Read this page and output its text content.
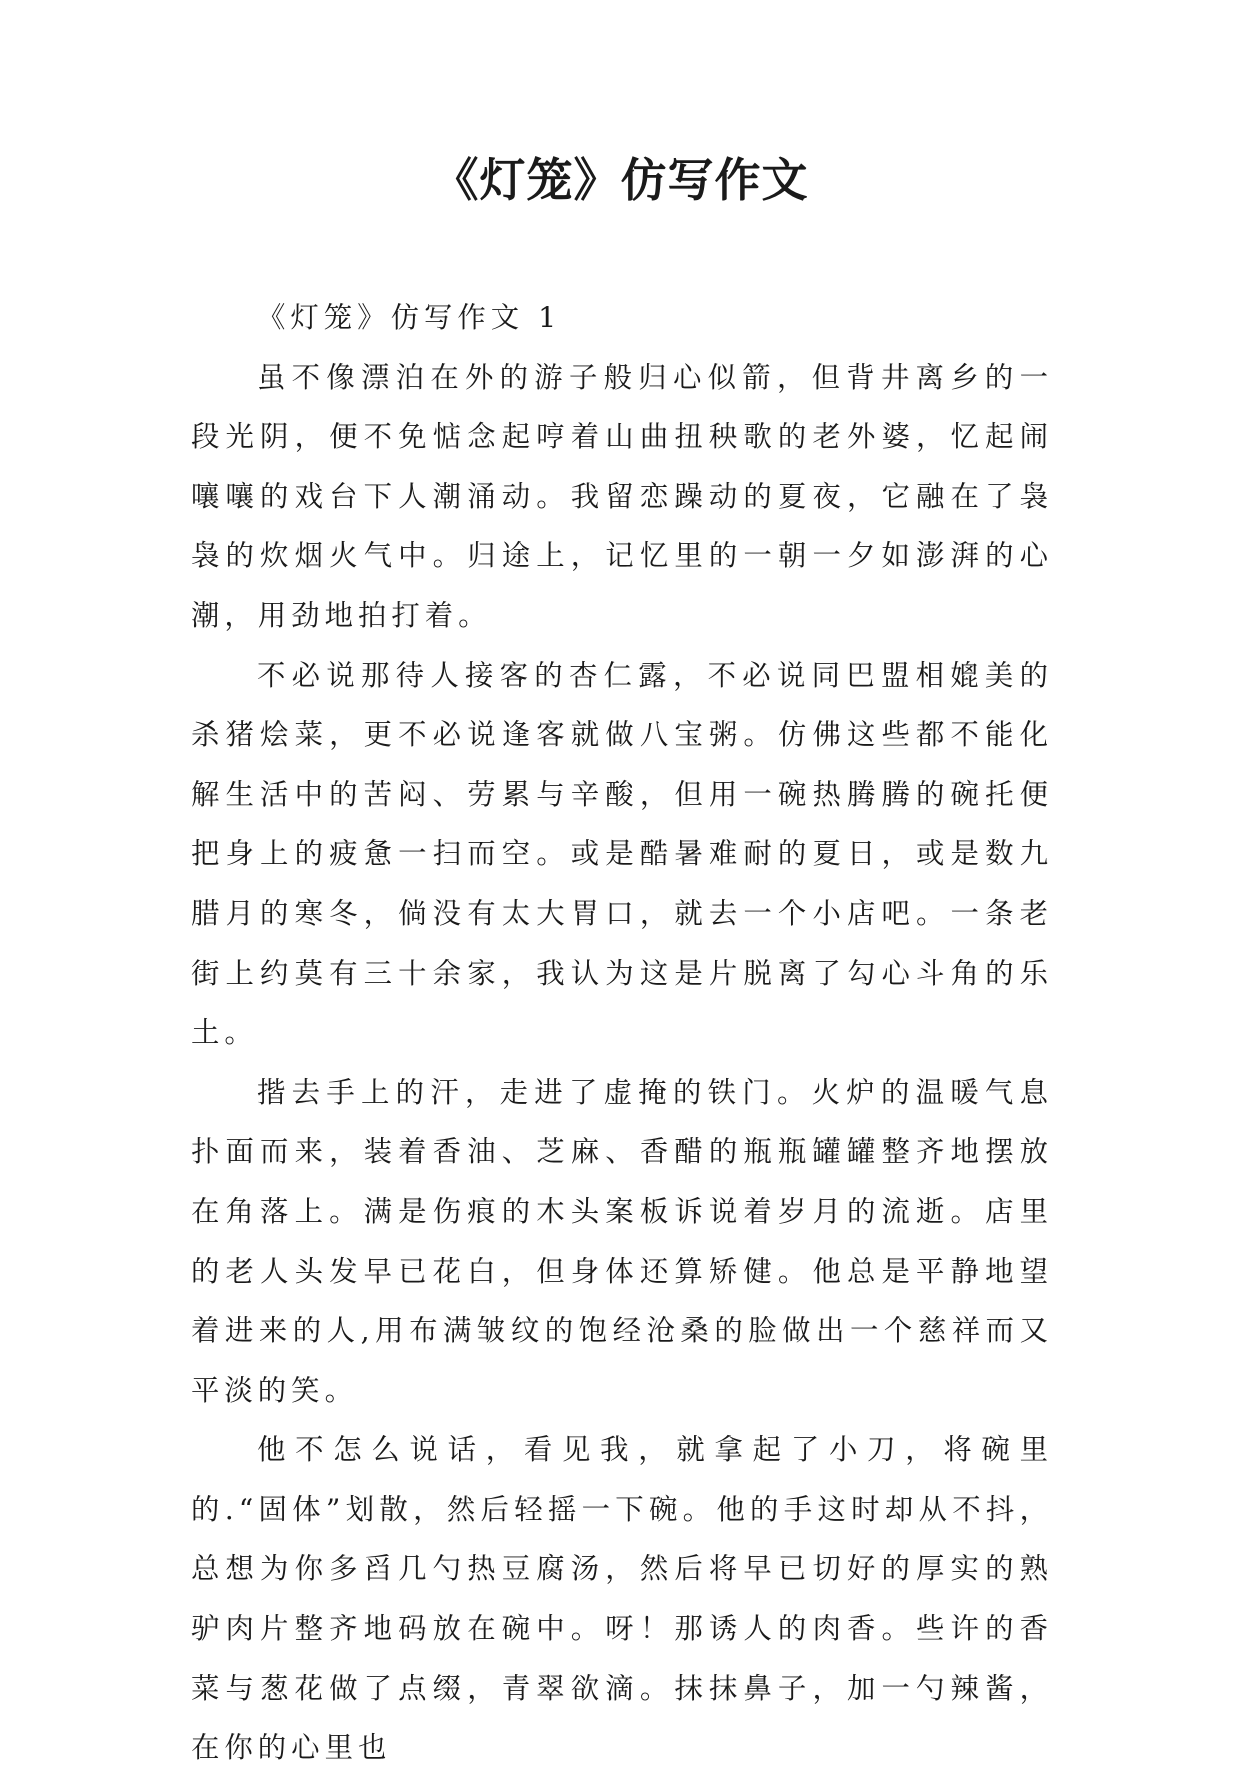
《灯笼》仿写作文

《灯笼》仿写作文 1

虽不像漂泊在外的游子般归心似箭，但背井离乡的一段光阴，便不免惦念起哼着山曲扭秧歌的老外婆，忆起闹嚷嚷的戏台下人潮涌动。我留恋躁动的夏夜，它融在了袅袅的炊烟火气中。归途上，记忆里的一朝一夕如澎湃的心潮，用劲地拍打着。

不必说那待人接客的杏仁露，不必说同巴盟相媲美的杀猪烩菜，更不必说逢客就做八宝粥。仿佛这些都不能化解生活中的苦闷、劳累与辛酸，但用一碗热腾腾的碗托便把身上的疲惫一扫而空。或是酷暑难耐的夏日，或是数九腊月的寒冬，倘没有太大胃口，就去一个小店吧。一条老街上约莫有三十余家，我认为这是片脱离了勾心斗角的乐土。

揩去手上的汗，走进了虚掩的铁门。火炉的温暖气息扑面而来，装着香油、芝麻、香醋的瓶瓶罐罐整齐地摆放在角落上。满是伤痕的木头案板诉说着岁月的流逝。店里的老人头发早已花白，但身体还算矫健。他总是平静地望着进来的人,用布满皱纹的饱经沧桑的脸做出一个慈祥而又平淡的笑。

他不怎么说话，看见我，就拿起了小刀，将碗里的.“固体”划散，然后轻摇一下碗。他的手这时却从不抖，总想为你多舀几勺热豆腐汤，然后将早已切好的厚实的熟驴肉片整齐地码放在碗中。呀！那诱人的肉香。些许的香菜与葱花做了点缀，青翠欲滴。抹抹鼻子，加一勺辣酱，在你的心里也
